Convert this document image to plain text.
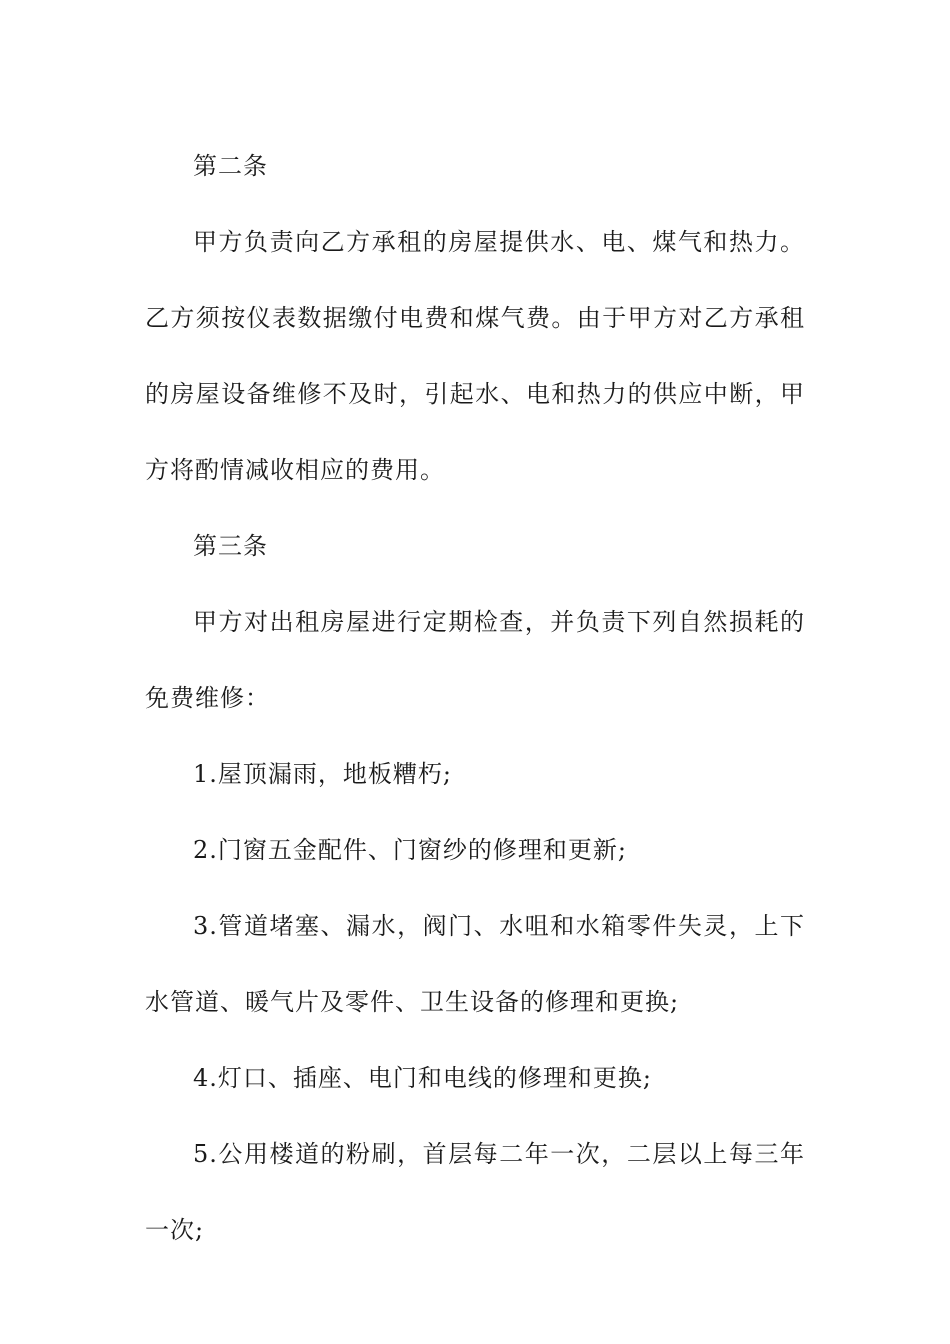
第二条

甲方负责向乙方承租的房屋提供水、电、煤气和热力。乙方须按仪表数据缴付电费和煤气费。由于甲方对乙方承租的房屋设备维修不及时，引起水、电和热力的供应中断，甲方将酌情减收相应的费用。

第三条

甲方对出租房屋进行定期检查，并负责下列自然损耗的免费维修：

1.屋顶漏雨，地板糟朽;

2.门窗五金配件、门窗纱的修理和更新;

3.管道堵塞、漏水，阀门、水咀和水箱零件失灵，上下水管道、暖气片及零件、卫生设备的修理和更换;

4.灯口、插座、电门和电线的修理和更换;

5.公用楼道的粉刷，首层每二年一次，二层以上每三年一次;
